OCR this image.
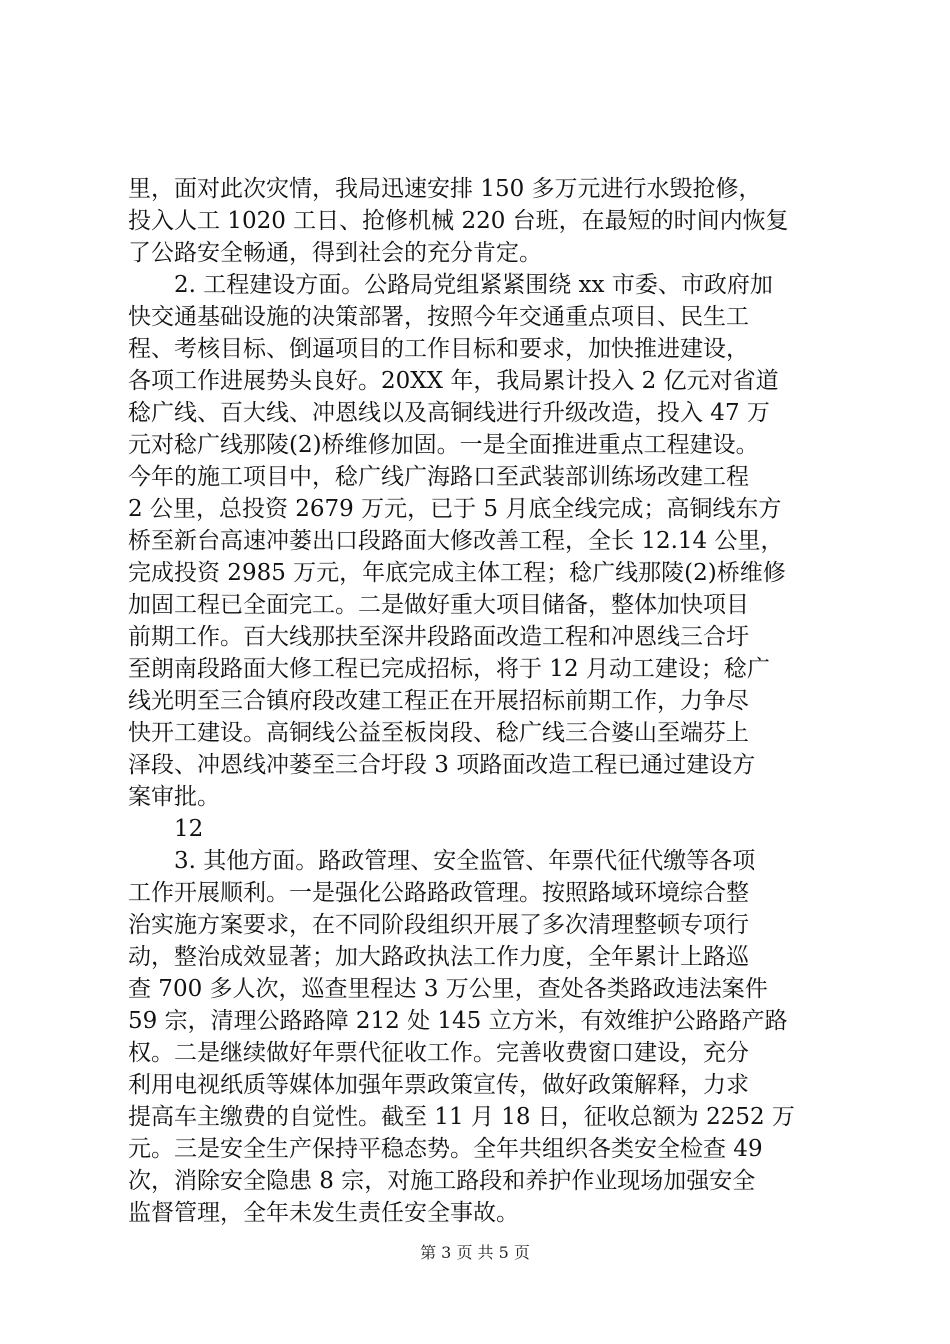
里，面对此次灾情，我局迅速安排 150 多万元进行水毁抢修，
投入人工 1020 工日、抢修机械 220 台班，在最短的时间内恢复
了公路安全畅通，得到社会的充分肯定。
　　2. 工程建设方面。公路局党组紧紧围绕 xx 市委、市政府加
快交通基础设施的决策部署，按照今年交通重点项目、民生工
程、考核目标、倒逼项目的工作目标和要求，加快推进建设，
各项工作进展势头良好。20XX 年，我局累计投入 2 亿元对省道
稔广线、百大线、冲恩线以及高铜线进行升级改造，投入 47 万
元对稔广线那陵(2)桥维修加固。一是全面推进重点工程建设。
今年的施工项目中，稔广线广海路口至武装部训练场改建工程
2 公里，总投资 2679 万元，已于 5 月底全线完成；高铜线东方
桥至新台高速冲蒌出口段路面大修改善工程，全长 12.14 公里，
完成投资 2985 万元，年底完成主体工程；稔广线那陵(2)桥维修
加固工程已全面完工。二是做好重大项目储备，整体加快项目
前期工作。百大线那扶至深井段路面改造工程和冲恩线三合圩
至朗南段路面大修工程已完成招标，将于 12 月动工建设；稔广
线光明至三合镇府段改建工程正在开展招标前期工作，力争尽
快开工建设。高铜线公益至板岗段、稔广线三合婆山至端芬上
泽段、冲恩线冲蒌至三合圩段 3 项路面改造工程已通过建设方
案审批。
　　12
　　3. 其他方面。路政管理、安全监管、年票代征代缴等各项
工作开展顺利。一是强化公路路政管理。按照路域环境综合整
治实施方案要求，在不同阶段组织开展了多次清理整顿专项行
动，整治成效显著；加大路政执法工作力度，全年累计上路巡
查 700 多人次，巡查里程达 3 万公里，查处各类路政违法案件
59 宗，清理公路路障 212 处 145 立方米，有效维护公路路产路
权。二是继续做好年票代征收工作。完善收费窗口建设，充分
利用电视纸质等媒体加强年票政策宣传，做好政策解释，力求
提高车主缴费的自觉性。截至 11 月 18 日，征收总额为 2252 万
元。三是安全生产保持平稳态势。全年共组织各类安全检查 49
次，消除安全隐患 8 宗，对施工路段和养护作业现场加强安全
监督管理，全年未发生责任安全事故。
第 3 页 共 5 页
